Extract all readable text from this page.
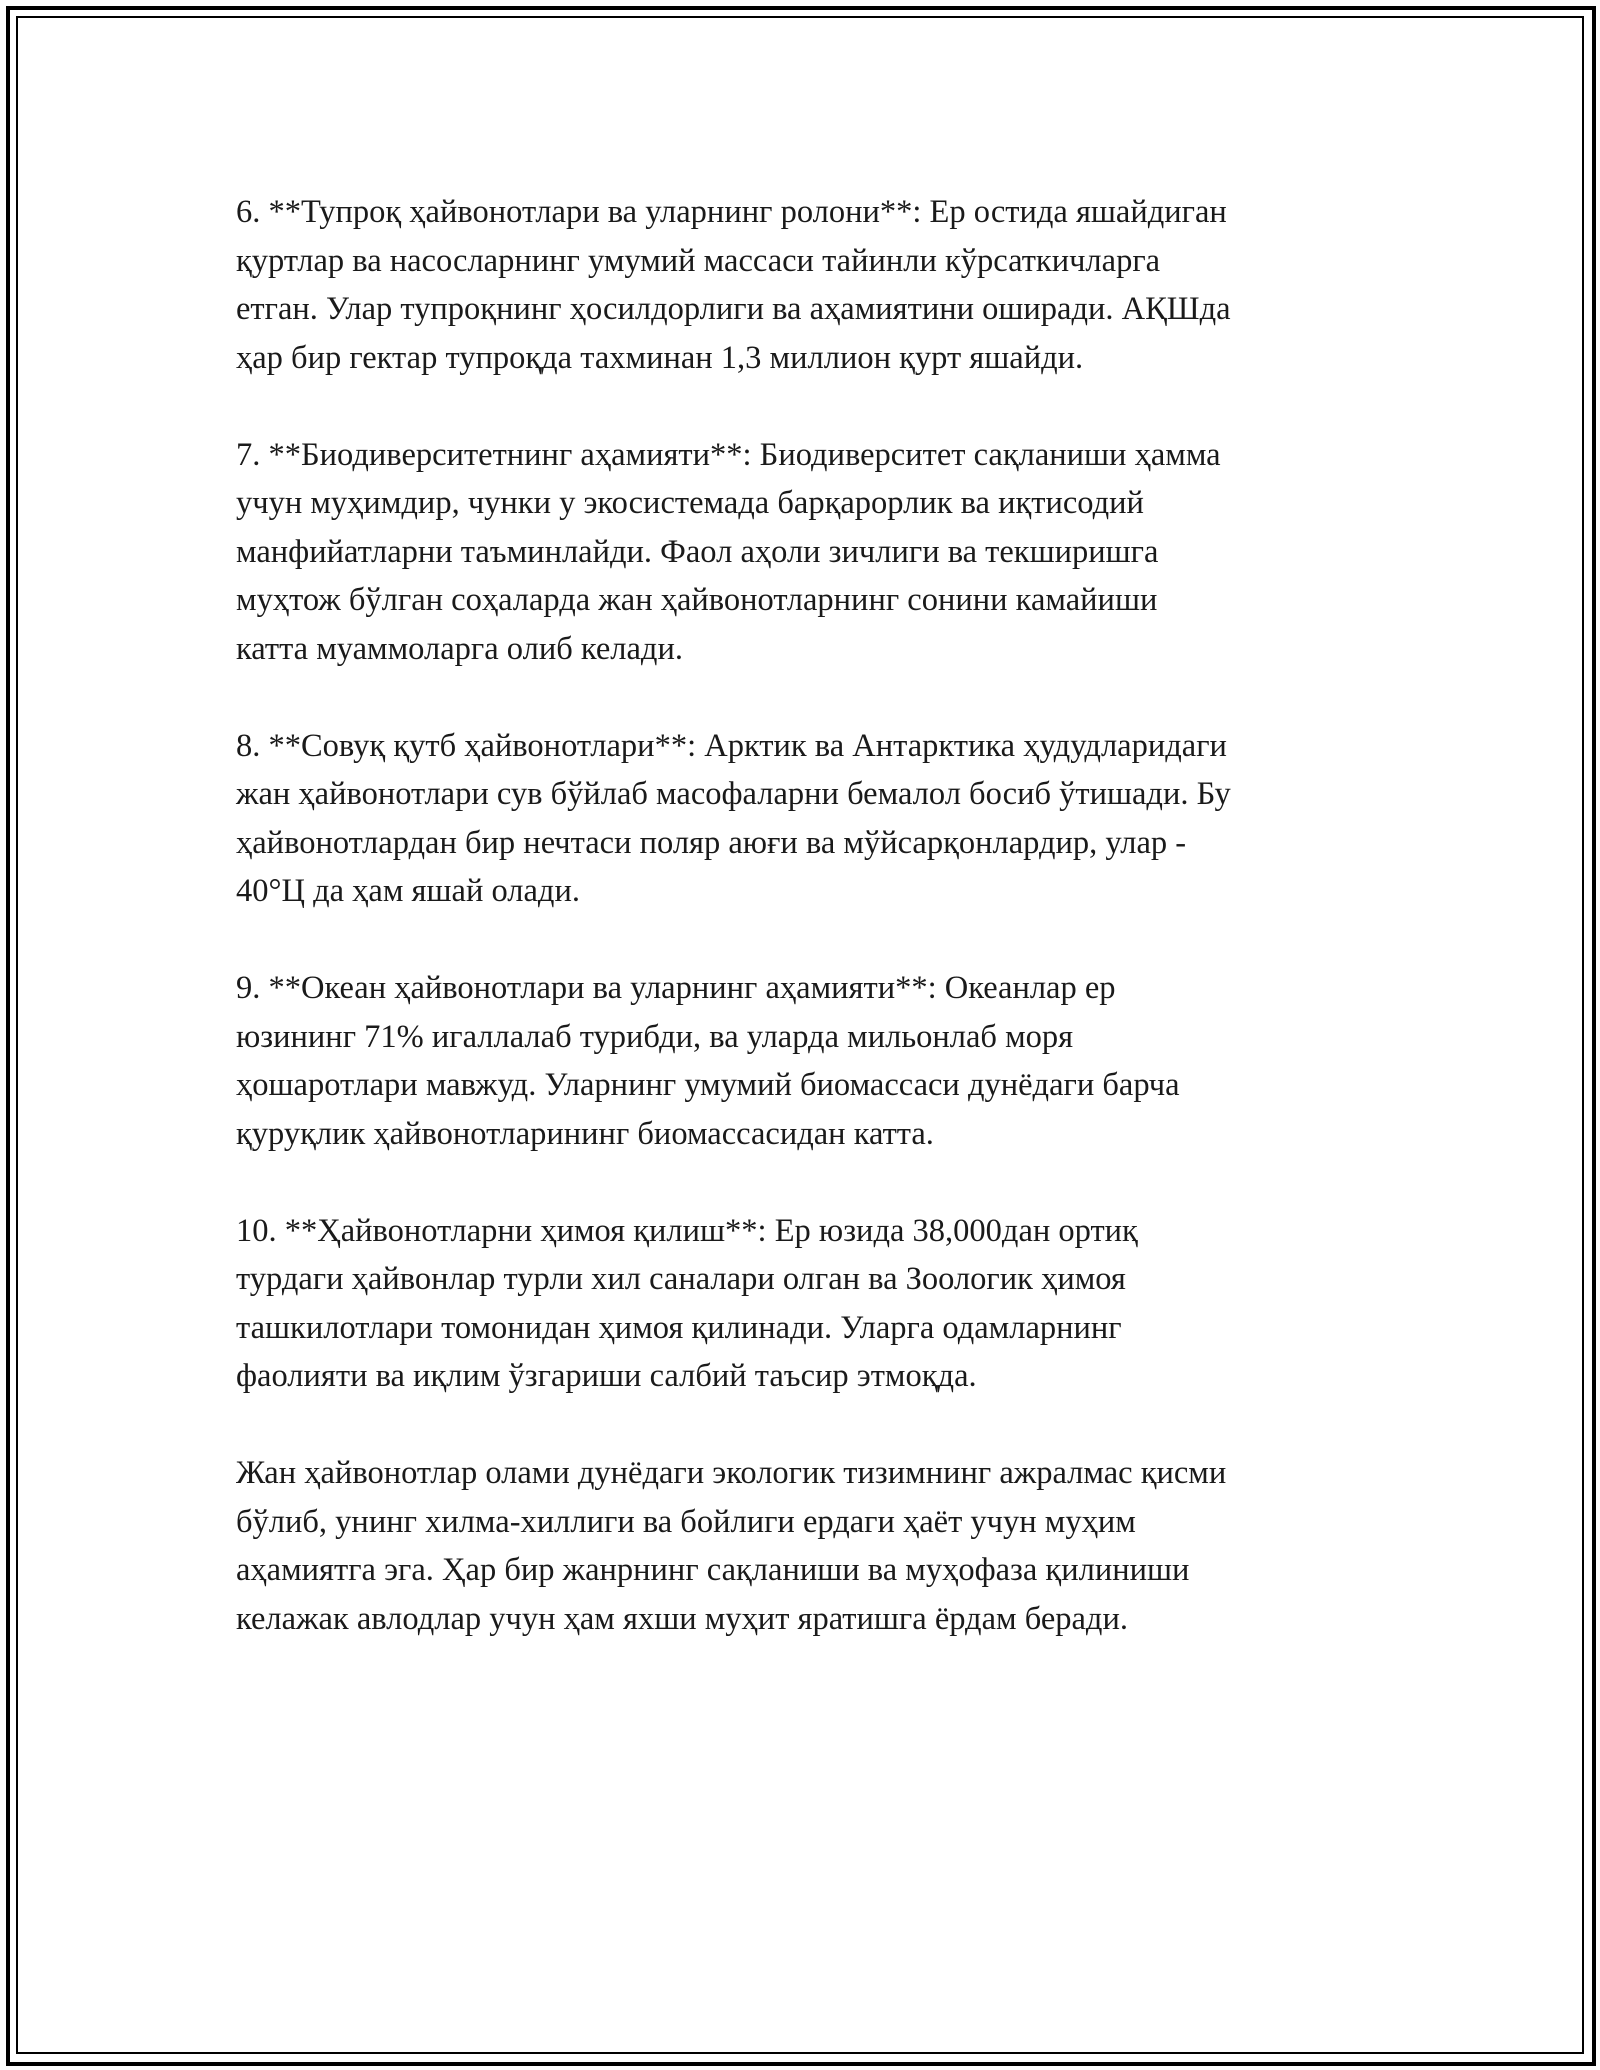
6. **Тупроқ ҳайвонотлари ва уларнинг ролони**: Ер остида яшайдиган
қуртлар ва насосларнинг умумий массаси тайинли кўрсаткичларга
етган. Улар тупроқнинг ҳосилдорлиги ва аҳамиятини оширади. АҚШда
ҳар бир гектар тупроқда тахминан 1,3 миллион қурт яшайди.

7. **Биодиверситетнинг аҳамияти**: Биодиверситет сақланиши ҳамма
учун муҳимдир, чунки у экосистемада барқарорлик ва иқтисодий
манфийатларни таъминлайди. Фаол аҳоли зичлиги ва текширишга
муҳтож бўлган соҳаларда жан ҳайвонотларнинг сонини камайиши
катта муаммоларга олиб келади.

8. **Совуқ қутб ҳайвонотлари**: Арктик ва Антарктика ҳудудларидаги
жан ҳайвонотлари сув бўйлаб масофаларни бемалол босиб ўтишади. Бу
ҳайвонотлардан бир нечтаси поляр аюғи ва мўйсарқонлардир, улар -
40°Ц да ҳам яшай олади.

9. **Океан ҳайвонотлари ва уларнинг аҳамияти**: Океанлар ер
юзининг 71% игаллалаб турибди, ва уларда мильонлаб моря
ҳошаротлари мавжуд. Уларнинг умумий биомассаси дунёдаги барча
қуруқлик ҳайвонотларининг биомассасидан катта.

10. **Ҳайвонотларни ҳимоя қилиш**: Ер юзида 38,000дан ортиқ
турдаги ҳайвонлар турли хил саналари олган ва Зоологик ҳимоя
ташкилотлари томонидан ҳимоя қилинади. Уларга одамларнинг
фаолияти ва иқлим ўзгариши салбий таъсир этмоқда.

Жан ҳайвонотлар олами дунёдаги экологик тизимнинг ажралмас қисми
бўлиб, унинг хилма-хиллиги ва бойлиги ердаги ҳаёт учун муҳим
аҳамиятга эга. Ҳар бир жанрнинг сақланиши ва муҳофаза қилиниши
келажак авлодлар учун ҳам яхши муҳит яратишга ёрдам беради.
